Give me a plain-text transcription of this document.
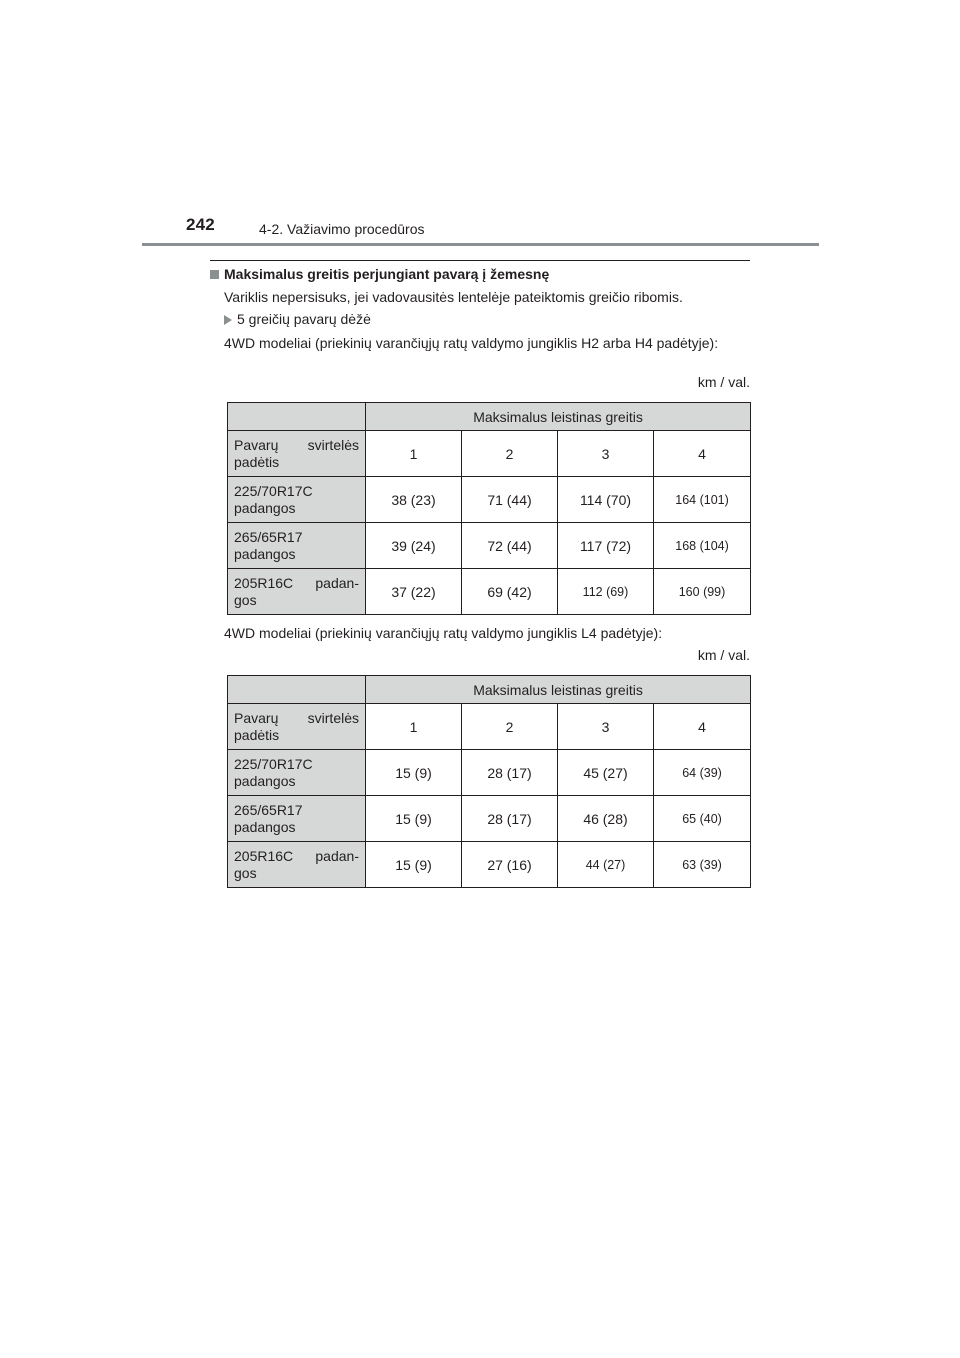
242	4-2. Važiavimo procedūros
Maksimalus greitis perjungiant pavarą į žemesnę
Variklis nepersisuks, jei vadovausitės lentelėje pateiktomis greičio ribomis.
5 greičių pavarų dėžė
4WD modeliai (priekinių varančiųjų ratų valdymo jungiklis H2 arba H4 padėtyje):
km / val.
	Maksimalus leistinas greitis			

Pavarų svirtelės padėtis	1	2	3	4
225/70R17C padangos	38 (23)	71 (44)	114 (70)	164 (101)
265/65R17 padangos	39 (24)	72 (44)	117 (72)	168 (104)

205R16C padan-gos	37 (22)	69 (42)	112 (69)	160 (99)
4WD modeliai (priekinių varančiųjų ratų valdymo jungiklis L4 padėtyje):
km / val.
	Maksimalus leistinas greitis			

Pavarų svirtelės padėtis	1	2	3	4
225/70R17C padangos	15 (9)	28 (17)	45 (27)	64 (39)
265/65R17 padangos	15 (9)	28 (17)	46 (28)	65 (40)

205R16C padan-gos	15 (9)	27 (16)	44 (27)	63 (39)
